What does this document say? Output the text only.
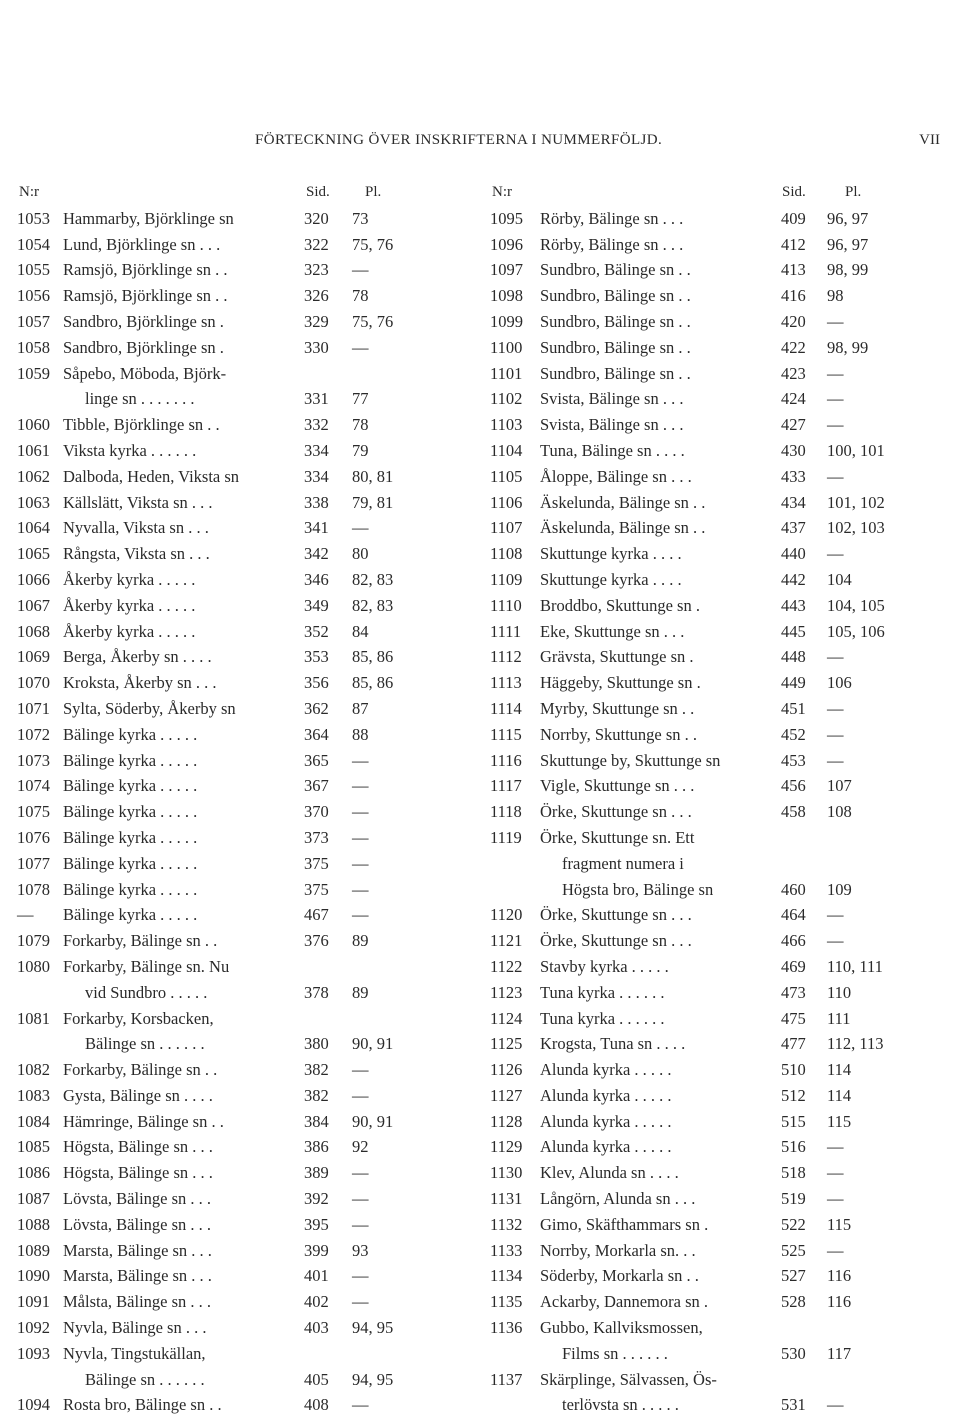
FÖRTECKNING ÖVER INSKRIFTERNA I NUMMERFÖLJD.	VII
N:r	Sid. Pl.
1053 Hammarby, Björklinge sn	320 73
1054 Lund, Björklinge sn . . .	322 75, 76
1055 Ramsjö, Björklinge sn . .	323 —
1056 Ramsjö, Björklinge sn . .	326 78
1057 Sandbro, Björklinge sn .	329 75, 76
1058 Sandbro, Björklinge sn .	330 —
1059 Såpebo, Möboda, Björk-
linge sn . . . . . . .	331 77
1060 Tibble, Björklinge sn . .	332 78
1061 Viksta kyrka . . . . . .	334 79
1062 Dalboda, Heden, Viksta sn	334 80, 81
1063 Källslätt, Viksta sn . . .	338 79, 81
1064 Nyvalla, Viksta sn . . .	341 —
1065 Rångsta, Viksta sn . . .	342 80
1066 Åkerby kyrka . . . . .	346 82, 83
1067 Åkerby kyrka . . . . .	349 82, 83
1068 Åkerby kyrka . . . . .	352 84
1069 Berga, Åkerby sn . . . .	353 85, 86
1070 Kroksta, Åkerby sn . . .	356 85, 86
1071 Sylta, Söderby, Åkerby sn	362 87
1072 Bälinge kyrka . . . . .	364 88
1073 Bälinge kyrka . . . . .	365 —
1074 Bälinge kyrka . . . . .	367 —
1075 Bälinge kyrka . . . . .	370 —
1076 Bälinge kyrka . . . . .	373 —
1077 Bälinge kyrka . . . . .	375 —
1078 Bälinge kyrka . . . . .	375 —
— Bälinge kyrka . . . . .	467 —
1079 Forkarby, Bälinge sn . .	376 89
1080 Forkarby, Bälinge sn. Nu
vid Sundbro . . . . .	378 89
1081 Forkarby, Korsbacken,
Bälinge sn . . . . . .	380 90, 91
1082 Forkarby, Bälinge sn . .	382 —
1083 Gysta, Bälinge sn . . . .	382 —
1084 Hämringe, Bälinge sn . .	384 90, 91
1085 Högsta, Bälinge sn . . .	386 92
1086 Högsta, Bälinge sn . . .	389 —
1087 Lövsta, Bälinge sn . . .	392 —
1088 Lövsta, Bälinge sn . . .	395 —
1089 Marsta, Bälinge sn . . .	399 93
1090 Marsta, Bälinge sn . . .	401 —
1091 Målsta, Bälinge sn . . .	402 —
1092 Nyvla, Bälinge sn . . .	403 94, 95
1093 Nyvla, Tingstukällan,
Bälinge sn . . . . . .	405 94, 95
1094 Rosta bro, Bälinge sn . .	408 —
N:r	Sid.	Pl.
1095 Rörby, Bälinge sn . . .	409 96, 97
1096 Rörby, Bälinge sn . . .	412 96, 97
1097 Sundbro, Bälinge sn . .	413 98, 99
1098 Sundbro, Bälinge sn . .	416 98
1099 Sundbro, Bälinge sn . .	420 —
1100 Sundbro, Bälinge sn . .	422 98, 99
1101 Sundbro, Bälinge sn . .	423 —
1102 Svista, Bälinge sn . . .	424 —
1103 Svista, Bälinge sn . . .	427 —
1104 Tuna, Bälinge sn . . . .	430 100, 101
1105 Åloppe, Bälinge sn . . .	433 —
1106 Äskelunda, Bälinge sn . .	434 101, 102
1107 Äskelunda, Bälinge sn . .	437 102, 103
1108 Skuttunge kyrka . . . .	440 —
1109 Skuttunge kyrka . . . .	442 104
1110 Broddbo, Skuttunge sn .	443 104, 105
1111 Eke, Skuttunge sn . . .	445 105, 106
1112 Grävsta, Skuttunge sn .	448 —
1113 Häggeby, Skuttunge sn .	449 106
1114 Myrby, Skuttunge sn . .	451 —
1115 Norrby, Skuttunge sn . .	452 —
1116 Skuttunge by, Skuttunge sn	453 —
1117 Vigle, Skuttunge sn . . .	456 107
1118 Örke, Skuttunge sn . . .	458 108
1119 Örke, Skuttunge sn. Ett
fragment numera i
Högsta bro, Bälinge sn	460 109
1120 Örke, Skuttunge sn . . .	464 —
1121 Örke, Skuttunge sn . . .	466 —
1122 Stavby kyrka . . . . .	469 110, 111
1123 Tuna kyrka . . . . . .	473 110
1124 Tuna kyrka . . . . . .	475 111
1125 Krogsta, Tuna sn . . . .	477 112, 113
1126 Alunda kyrka . . . . .	510 114
1127 Alunda kyrka . . . . .	512 114
1128 Alunda kyrka . . . . .	515 115
1129 Alunda kyrka . . . . .	516 —
1130 Klev, Alunda sn . . . .	518 —
1131 Långörn, Alunda sn . . .	519 —
1132 Gimo, Skäfthammars sn .	522 115
1133 Norrby, Morkarla sn. . .	525 —
1134 Söderby, Morkarla sn . .	527 116
1135 Ackarby, Dannemora sn .	528 116
1136 Gubbo, Kallviksmossen,
Films sn . . . . . .	530 117
1137 Skärplinge, Sälvassen, Ös-
terlövsta sn . . . . .	531 —
